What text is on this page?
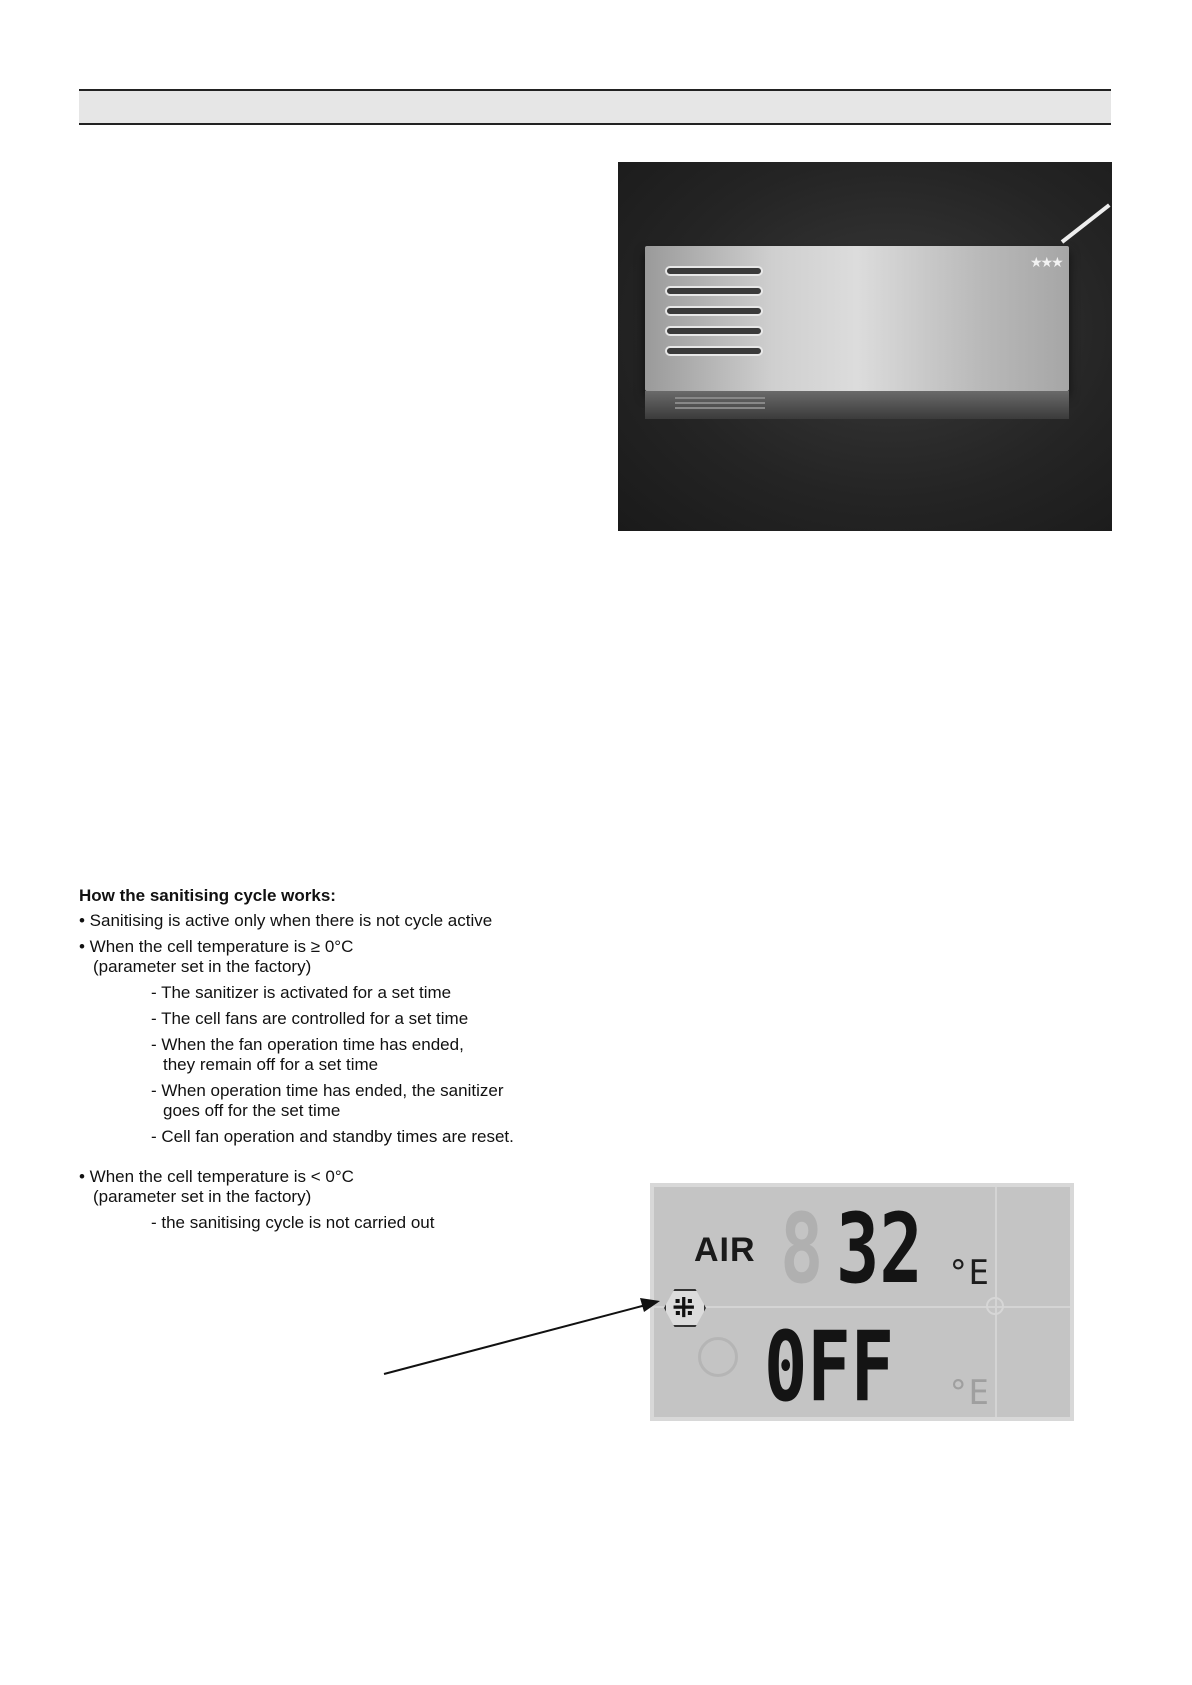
★★★

How the sanitising cycle works:

• Sanitising is active only when there is not cycle active

• When the cell temperature is ≥ 0°C
(parameter set in the factory)

- The sanitizer is activated for a set time

- The cell fans are controlled for a set time

- When the fan operation time has ended,

they remain off for a set time

- When operation time has ended, the sanitizer

goes off for the set time

- Cell fan operation and standby times are reset.

• When the cell temperature is < 0°C
(parameter set in the factory)

- the sanitising cycle is not carried out

AIR 8 32 °E
⁜
0FF °E
